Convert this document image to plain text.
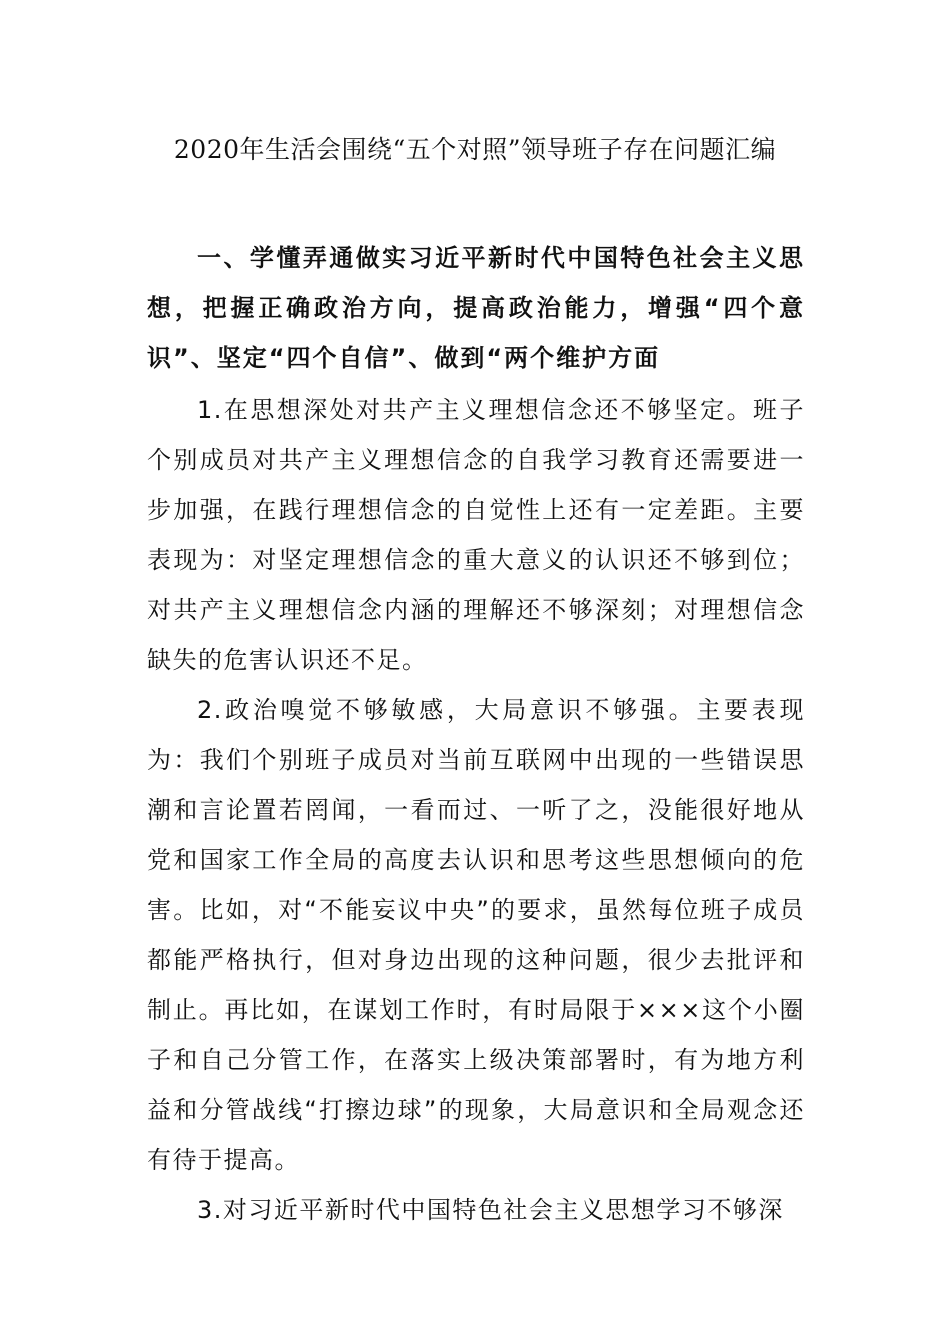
2020年生活会围绕“五个对照”领导班子存在问题汇编

一、学懂弄通做实习近平新时代中国特色社会主义思想，把握正确政治方向，提高政治能力，增强“四个意识”、坚定“四个自信”、做到“两个维护方面

1.在思想深处对共产主义理想信念还不够坚定。班子个别成员对共产主义理想信念的自我学习教育还需要进一步加强，在践行理想信念的自觉性上还有一定差距。主要表现为：对坚定理想信念的重大意义的认识还不够到位；对共产主义理想信念内涵的理解还不够深刻；对理想信念缺失的危害认识还不足。

2.政治嗅觉不够敏感，大局意识不够强。主要表现为：我们个别班子成员对当前互联网中出现的一些错误思潮和言论置若罔闻，一看而过、一听了之，没能很好地从党和国家工作全局的高度去认识和思考这些思想倾向的危害。比如，对“不能妄议中央”的要求，虽然每位班子成员都能严格执行，但对身边出现的这种问题，很少去批评和制止。再比如，在谋划工作时，有时局限于×××这个小圈子和自己分管工作，在落实上级决策部署时，有为地方利益和分管战线“打擦边球”的现象，大局意识和全局观念还有待于提高。

3.对习近平新时代中国特色社会主义思想学习不够深
